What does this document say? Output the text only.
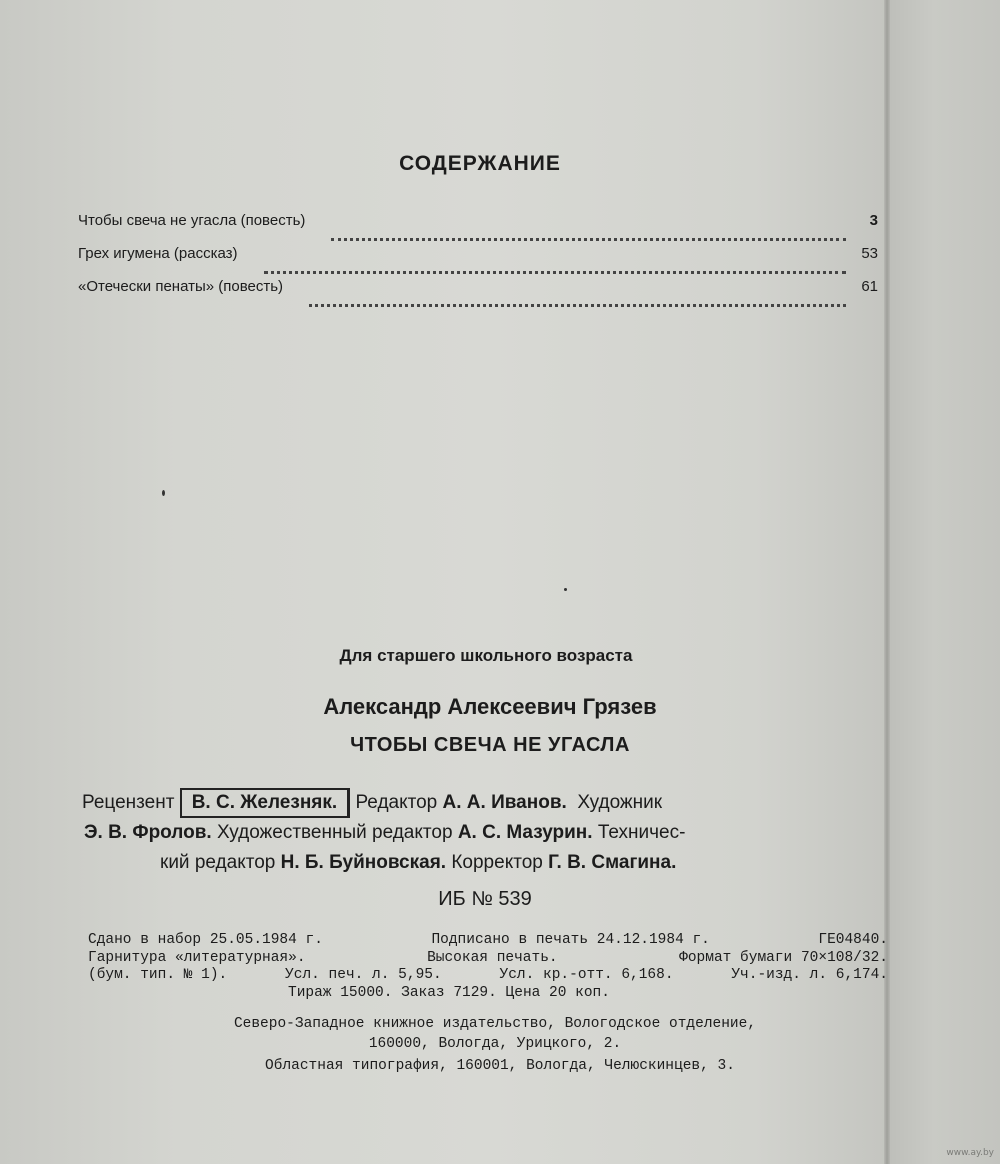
СОДЕРЖАНИЕ
Чтобы свеча не угасла (повесть)	3
Грех игумена (рассказ)	53
«Отечески пенаты» (повесть)	61

Для старшего школьного возраста

Александр Алексеевич Грязев

ЧТОБЫ СВЕЧА НЕ УГАСЛА

Рецензент В. С. Железняк. Редактор А. А. Иванов. Художник
Э. В. Фролов. Художественный редактор А. С. Мазурин. Техничес-
кий редактор Н. Б. Буйновская. Корректор Г. В. Смагина.

ИБ № 539

Сдано в набор 25.05.1984 г.	Подписано в печать 24.12.1984 г.	ГЕ04840.
Гарнитура «литературная».	Высокая печать.	Формат бумаги 70×108/32.
(бум. тип. № 1).	Усл. печ. л. 5,95.	Усл. кр.-отт. 6,168.	Уч.-изд. л. 6,174.
Тираж 15000. Заказ 7129. Цена 20 коп.
Северо-Западное книжное издательство, Вологодское отделение,
160000, Вологда, Урицкого, 2.

Областная типография, 160001, Вологда, Челюскинцев, 3.

www.ay.by
